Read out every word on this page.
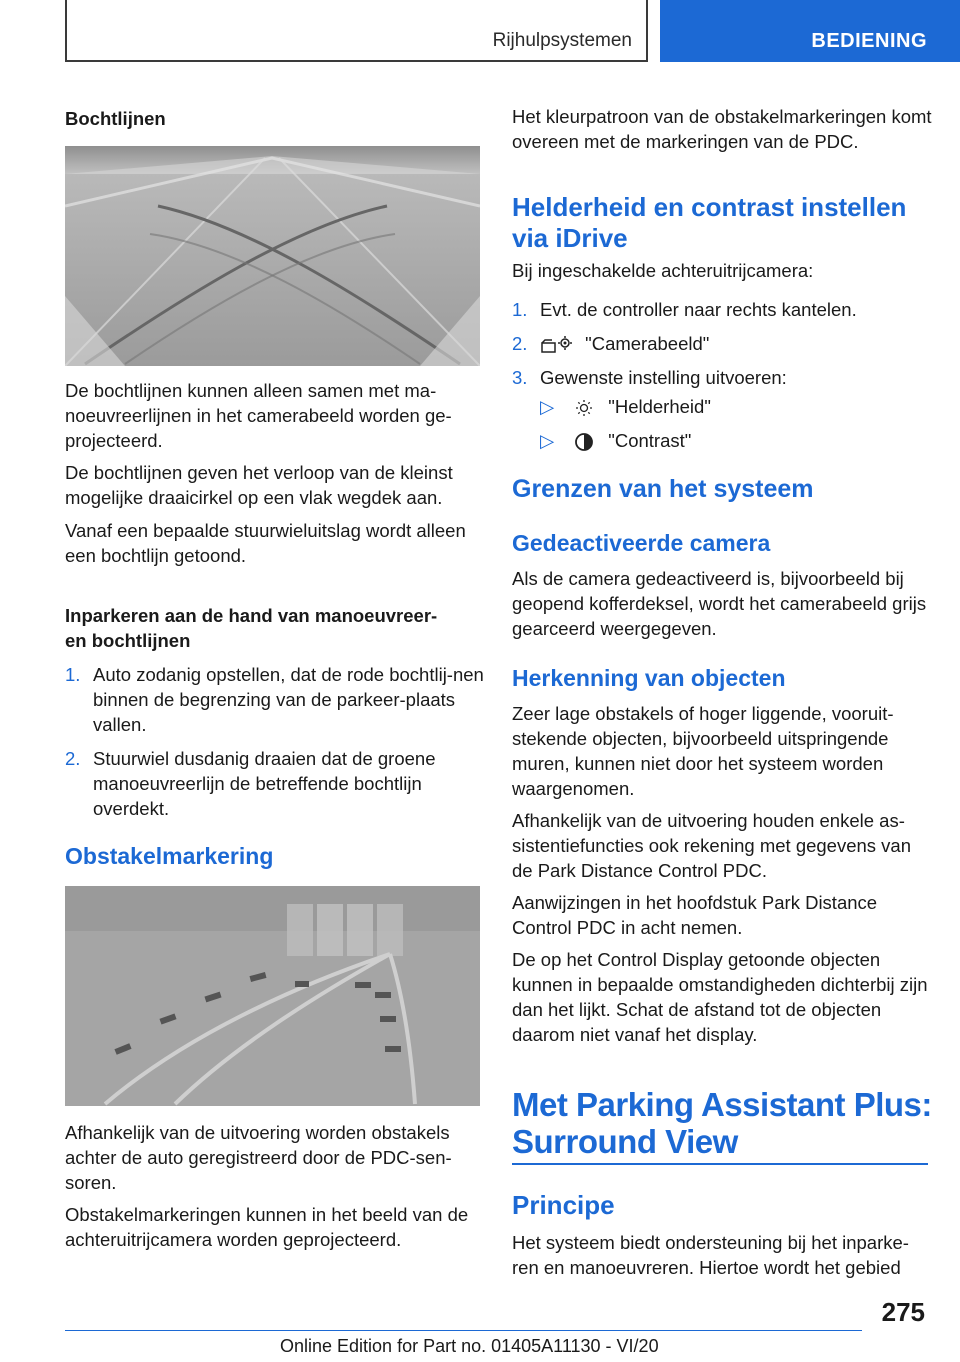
Rijhulpsystemen	BEDIENING
Bochtlijnen
De bochtlijnen kunnen alleen samen met ma-noeuvreerlijnen in het camerabeeld worden ge-projecteerd.
De bochtlijnen geven het verloop van de kleinst mogelijke draaicirkel op een vlak wegdek aan.
Vanaf een bepaalde stuurwieluitslag wordt alleen een bochtlijn getoond.
Inparkeren aan de hand van manoeuvreer-
en bochtlijnen
1. Auto zodanig opstellen, dat de rode bochtlij-nen binnen de begrenzing van de parkeer-plaats vallen.
2. Stuurwiel dusdanig draaien dat de groene manoeuvreerlijn de betreffende bochtlijn overdekt.
Obstakelmarkering
Afhankelijk van de uitvoering worden obstakels achter de auto geregistreerd door de PDC-sen-soren.
Obstakelmarkeringen kunnen in het beeld van de achteruitrijcamera worden geprojecteerd.
Het kleurpatroon van de obstakelmarkeringen komt overeen met de markeringen van de PDC.
Helderheid en contrast instellen
via iDrive
Bij ingeschakelde achteruitrijcamera:
1. Evt. de controller naar rechts kantelen.
2.	"Camerabeeld"
3. Gewenste instelling uitvoeren:
▷	"Helderheid"
▷	"Contrast"
Grenzen van het systeem
Gedeactiveerde camera
Als de camera gedeactiveerd is, bijvoorbeeld bij geopend kofferdeksel, wordt het camerabeeld grijs gearceerd weergegeven.
Herkenning van objecten
Zeer lage obstakels of hoger liggende, vooruit-stekende objecten, bijvoorbeeld uitspringende muren, kunnen niet door het systeem worden waargenomen.
Afhankelijk van de uitvoering houden enkele as-sistentiefuncties ook rekening met gegevens van de Park Distance Control PDC.
Aanwijzingen in het hoofdstuk Park Distance Control PDC in acht nemen.
De op het Control Display getoonde objecten kunnen in bepaalde omstandigheden dichterbij zijn dan het lijkt. Schat de afstand tot de objecten daarom niet vanaf het display.
Met Parking Assistant Plus:
Surround View
Principe
Het systeem biedt ondersteuning bij het inparke-ren en manoeuvreren. Hiertoe wordt het gebied
275
Online Edition for Part no. 01405A11130 - VI/20
